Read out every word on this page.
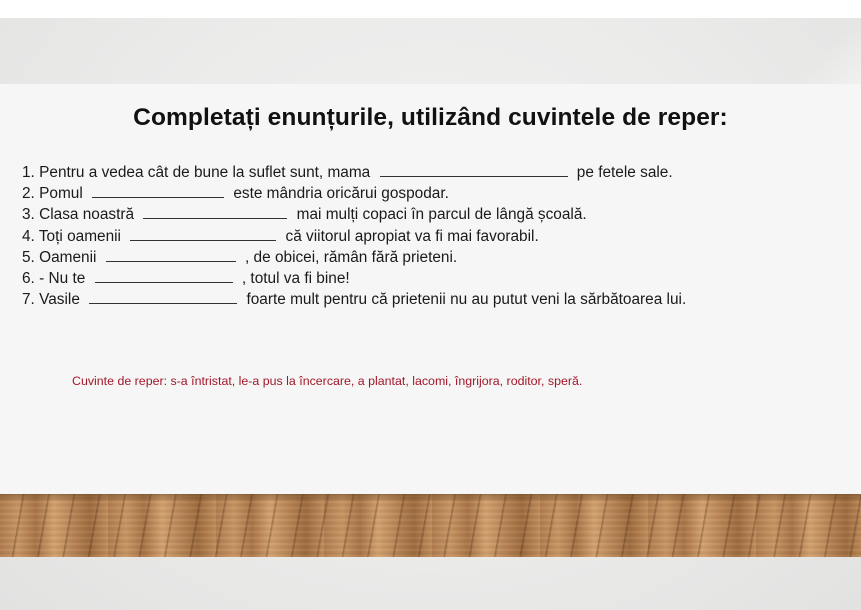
Completați enunțurile, utilizând cuvintele de reper:
1. Pentru a vedea cât de bune la suflet sunt, mama	pe fetele sale.
2. Pomul	este mândria oricărui gospodar.
3. Clasa noastră	mai mulți copaci în parcul de lângă școală.
4. Toți oamenii	că viitorul apropiat va fi mai favorabil.
5. Oamenii	, de obicei, rămân fără prieteni.
6. - Nu te	, totul va fi bine!
7. Vasile	foarte mult pentru că prietenii nu au putut veni la sărbătoarea lui.
Cuvinte de reper: s-a întristat, le-a pus la încercare, a plantat, lacomi, îngrijora, roditor, speră.
